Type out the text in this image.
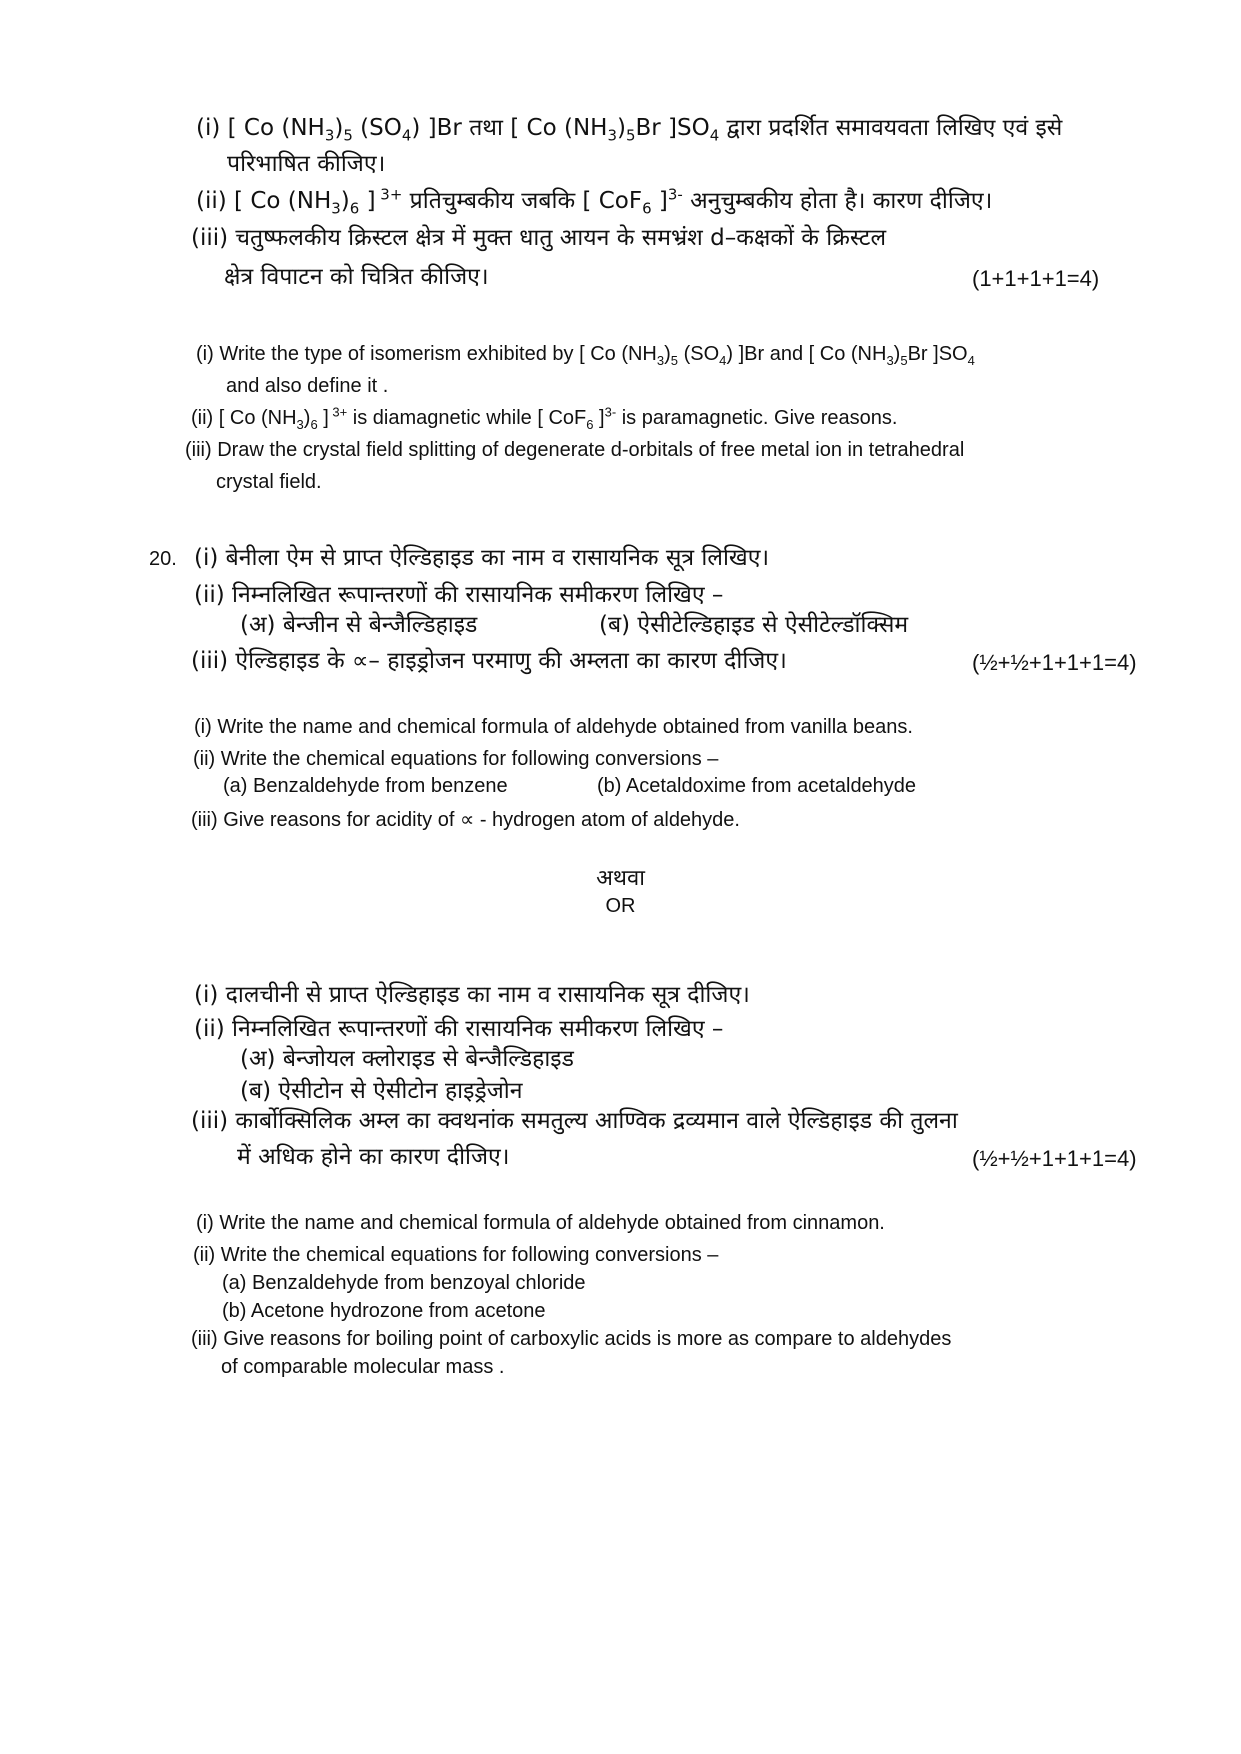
(i) [ Co $(NH_3)_5$ $(SO_4)$ ]Br तथा [ Co $(NH_3)_5Br$ ]$SO_4$ द्वारा प्रदर्शित समावयवता लिखिए एवं इसे
परिभाषित कीजिए।
(ii) [ Co $(NH_3)_6$ ] $^{3+}$ प्रतिचुम्बकीय जबकि [ CoF$_6$ ]$^{3-}$ अनुचुम्बकीय होता है। कारण दीजिए।
(iii) चतुष्फलकीय क्रिस्टल क्षेत्र में मुक्त धातु आयन के समभ्रंश d–कक्षकों के क्रिस्टल
क्षेत्र विपाटन को चित्रित कीजिए।	(1+1+1+1=4)
(i) Write the type of isomerism exhibited by [ Co $(NH_3)_5$ $(SO_4)$ ]Br and [ Co $(NH_3)_5Br$ ]$SO_4$
and also define it .
(ii) [ Co $(NH_3)_6$ ] $^{3+}$ is diamagnetic while [ CoF$_6$ ]$^{3-}$ is paramagnetic. Give reasons.
(iii) Draw the crystal field splitting of degenerate d-orbitals of free metal ion in tetrahedral
crystal field.
20. (i) बेनीला ऐम से प्राप्त ऐल्डिहाइड का नाम व रासायनिक सूत्र लिखिए।
(ii) निम्नलिखित रूपान्तरणों की रासायनिक समीकरण लिखिए –
(अ) बेन्जीन से बेन्जैल्डिहाइड	(ब) ऐसीटेल्डिहाइड से ऐसीटेल्डॉक्सिम
(iii) ऐल्डिहाइड के ∝– हाइड्रोजन परमाणु की अम्लता का कारण दीजिए।	(½+½+1+1+1=4)
(i) Write the name and chemical formula of aldehyde obtained from vanilla beans.
(ii) Write the chemical equations for following conversions –
(a) Benzaldehyde from benzene	(b) Acetaldoxime from acetaldehyde
(iii) Give reasons for acidity of ∝ - hydrogen atom of aldehyde.
अथवा
OR
(i) दालचीनी से प्राप्त ऐल्डिहाइड का नाम व रासायनिक सूत्र दीजिए।
(ii) निम्नलिखित रूपान्तरणों की रासायनिक समीकरण लिखिए –
(अ) बेन्जोयल क्लोराइड से बेन्जैल्डिहाइड
(ब) ऐसीटोन से ऐसीटोन हाइड्रेजोन
(iii) कार्बोक्सिलिक अम्ल का क्वथनांक समतुल्य आण्विक द्रव्यमान वाले ऐल्डिहाइड की तुलना
में अधिक होने का कारण दीजिए।	(½+½+1+1+1=4)
(i) Write the name and chemical formula of aldehyde obtained from cinnamon.
(ii) Write the chemical equations for following conversions –
(a) Benzaldehyde from benzoyal chloride
(b) Acetone hydrozone from acetone
(iii) Give reasons for boiling point of carboxylic acids is more as compare to aldehydes
of comparable molecular mass .
